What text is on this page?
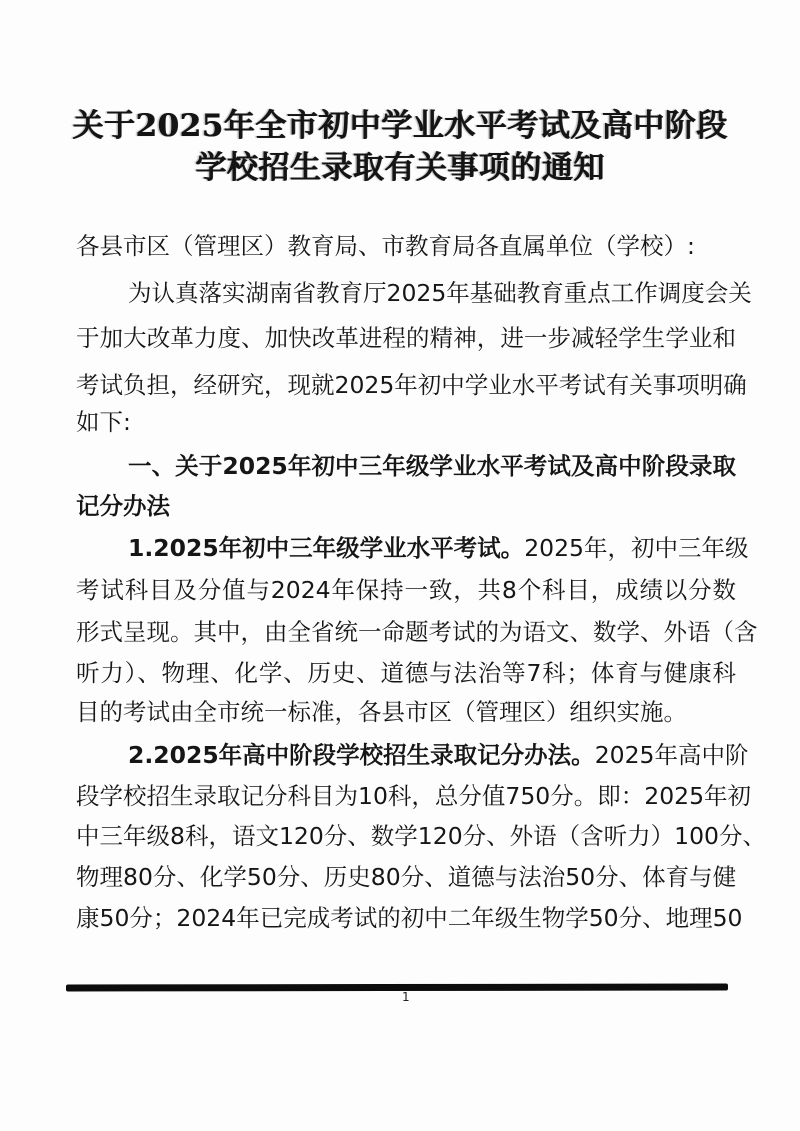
关于2025年全市初中学业水平考试及高中阶段
学校招生录取有关事项的通知
各县市区（管理区）教育局、市教育局各直属单位（学校）:
为认真落实湖南省教育厅2025年基础教育重点工作调度会关
于加大改革力度、加快改革进程的精神，进一步减轻学生学业和
考试负担，经研究，现就2025年初中学业水平考试有关事项明确
如下:
一、关于2025年初中三年级学业水平考试及高中阶段录取
记分办法
1.2025年初中三年级学业水平考试。2025年，初中三年级
考试科目及分值与2024年保持一致，共8个科目，成绩以分数
形式呈现。其中，由全省统一命题考试的为语文、数学、外语（含
听力）、物理、化学、历史、道德与法治等7科；体育与健康科
目的考试由全市统一标准，各县市区（管理区）组织实施。
2.2025年高中阶段学校招生录取记分办法。2025年高中阶
段学校招生录取记分科目为10科，总分值750分。即：2025年初
中三年级8科，语文120分、数学120分、外语（含听力）100分、
物理80分、化学50分、历史80分、道德与法治50分、体育与健
康50分；2024年已完成考试的初中二年级生物学50分、地理50
1
